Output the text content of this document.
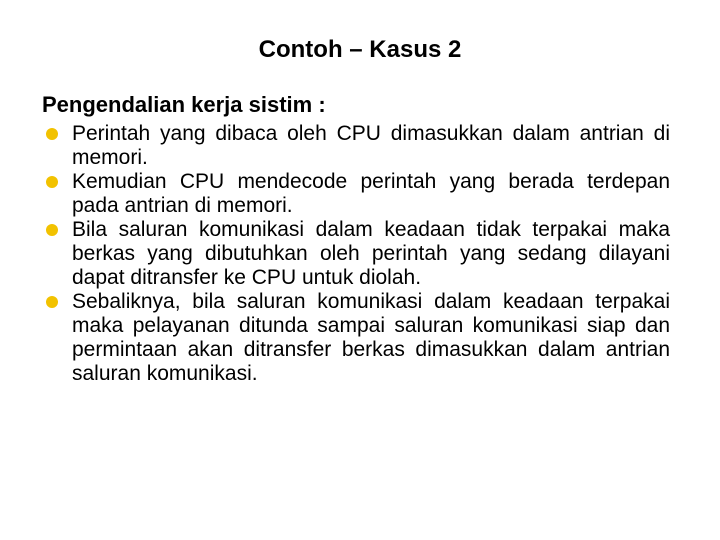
Contoh – Kasus 2
Pengendalian kerja sistim :
Perintah yang dibaca oleh CPU dimasukkan dalam antrian di memori.
Kemudian CPU mendecode perintah yang berada terdepan pada antrian di memori.
Bila saluran komunikasi dalam keadaan tidak terpakai maka berkas yang dibutuhkan oleh perintah yang sedang dilayani dapat ditransfer ke CPU untuk diolah.
Sebaliknya, bila saluran komunikasi dalam keadaan terpakai maka pelayanan ditunda sampai saluran komunikasi siap dan permintaan akan ditransfer berkas dimasukkan dalam antrian saluran komunikasi.
